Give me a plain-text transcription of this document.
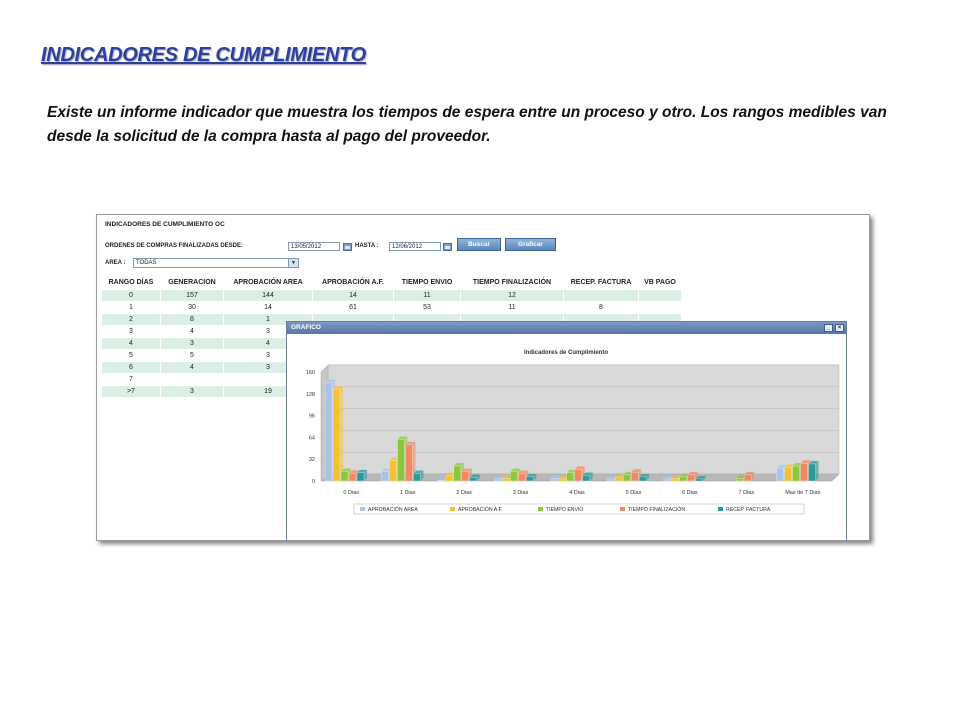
INDICADORES DE CUMPLIMIENTO
Existe un informe indicador que muestra los tiempos de espera entre un proceso y otro. Los rangos medibles van desde la solicitud de la compra hasta al pago del proveedor.
INDICADORES DE CUMPLIMIENTO OC
ORDENES DE COMPRAS FINALIZADAS DESDE:	13/05/2012	HASTA :	12/06/2012	Buscar	Graficar
AREA :	TODAS	▼
RANGO DÍAS	GENERACION	APROBACIÓN AREA	APROBACIÓN A.F.	TIEMPO ENVIO	TIEMPO FINALIZACIÓN	RECEP. FACTURA	VB PAGO
0	157	144	14	11	12		
1	30	14	61	53	11	8	
2	8	1					
3	4	3					
4	3	4					
5	5	3					
6	4	3					
7							
>7	3	19					
GRAFICO	_	×
Indicadores de Cumplimiento
0
32
64
96
128
160
0 Dias	1 Dias	2 Dias	3 Dias	4 Dias	5 Dias	6 Dias	7 Dias	Mas de 7 Dias
APROBACIÓN AREA	APROBACIÓN A.F.	TIEMPO ENVIO	TIEMPO FINALIZACIÓN	RECEP. FACTURA
